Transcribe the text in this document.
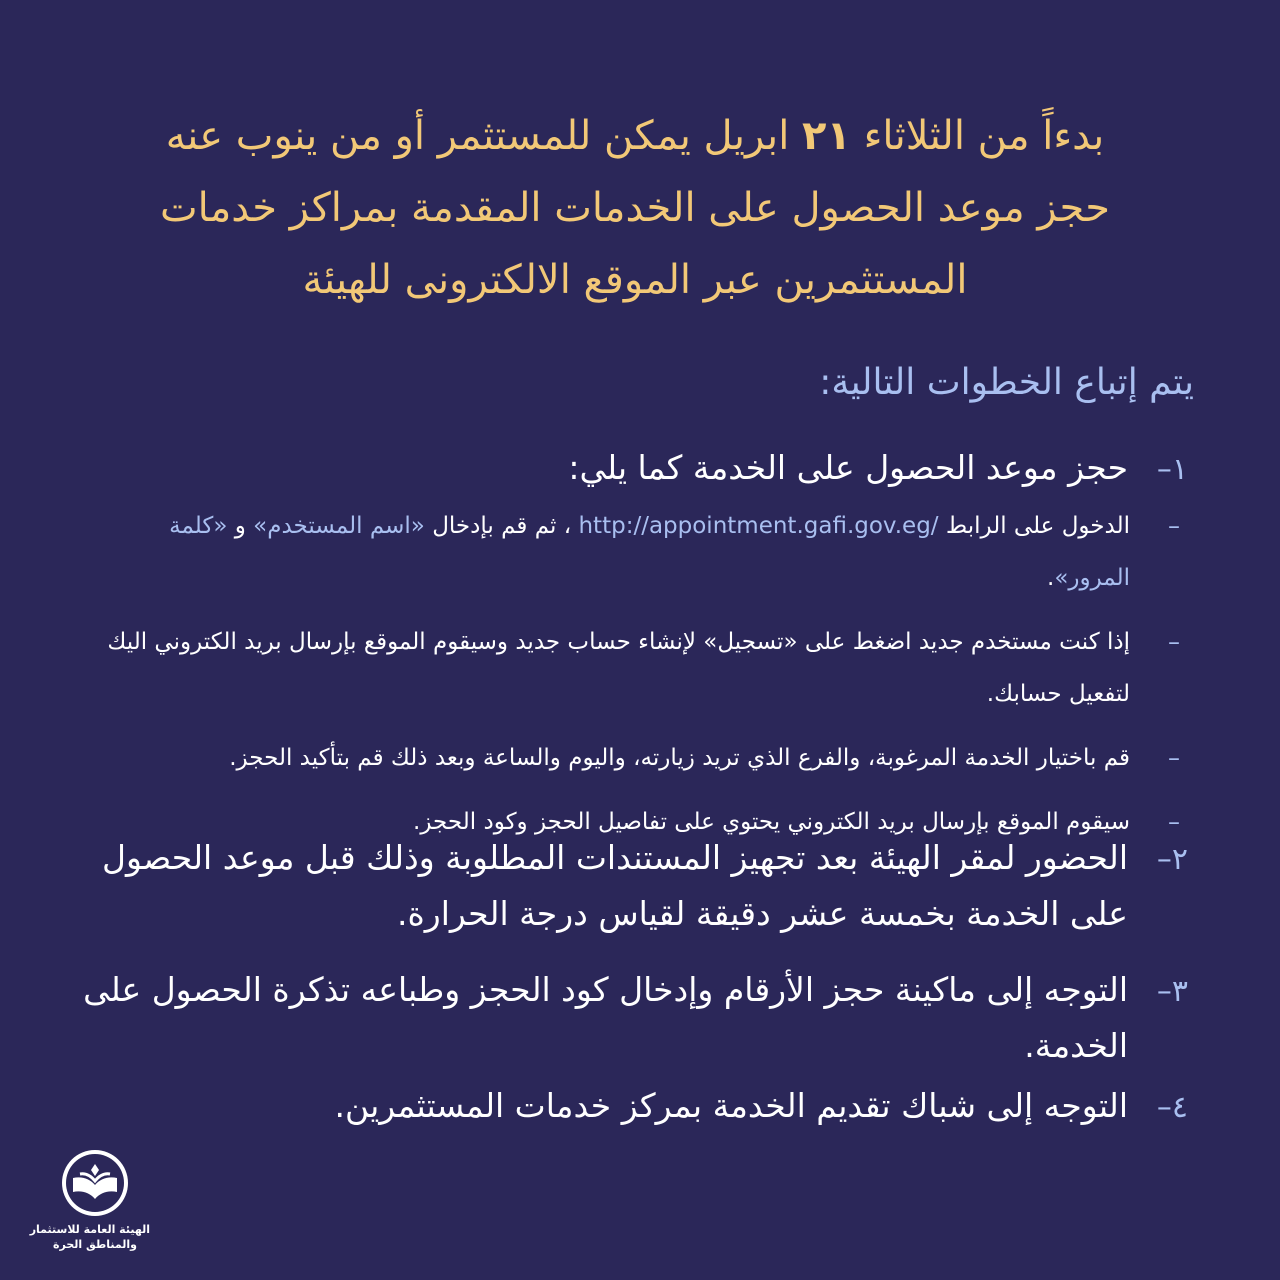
بدءاً من الثلاثاء ٢١ ابريل يمكن للمستثمر أو من ينوب عنه
حجز موعد الحصول على الخدمات المقدمة بمراكز خدمات
المستثمرين عبر الموقع الالكترونى للهيئة
يتم إتباع الخطوات التالية:
١–
حجز موعد الحصول على الخدمة كما يلي:
–
الدخول على الرابط http://appointment.gafi.gov.eg/ ، ثم قم بإدخال «اسم المستخدم» و «كلمة المرور».
–
إذا كنت مستخدم جديد اضغط على «تسجيل» لإنشاء حساب جديد وسيقوم الموقع بإرسال بريد الكتروني اليك لتفعيل حسابك.
–
قم باختيار الخدمة المرغوبة، والفرع الذي تريد زيارته، واليوم والساعة وبعد ذلك قم بتأكيد الحجز.
–
سيقوم الموقع بإرسال بريد الكتروني يحتوي على تفاصيل الحجز وكود الحجز.
٢–
الحضور لمقر الهيئة بعد تجهيز المستندات المطلوبة وذلك قبل موعد الحصول على الخدمة بخمسة عشر دقيقة لقياس درجة الحرارة.
٣–
التوجه إلى ماكينة حجز الأرقام وإدخال كود الحجز وطباعه تذكرة الحصول على الخدمة.
٤–
التوجه إلى شباك تقديم الخدمة بمركز خدمات المستثمرين.
الهيئة العامة للاستثمار
والمناطق الحرة
